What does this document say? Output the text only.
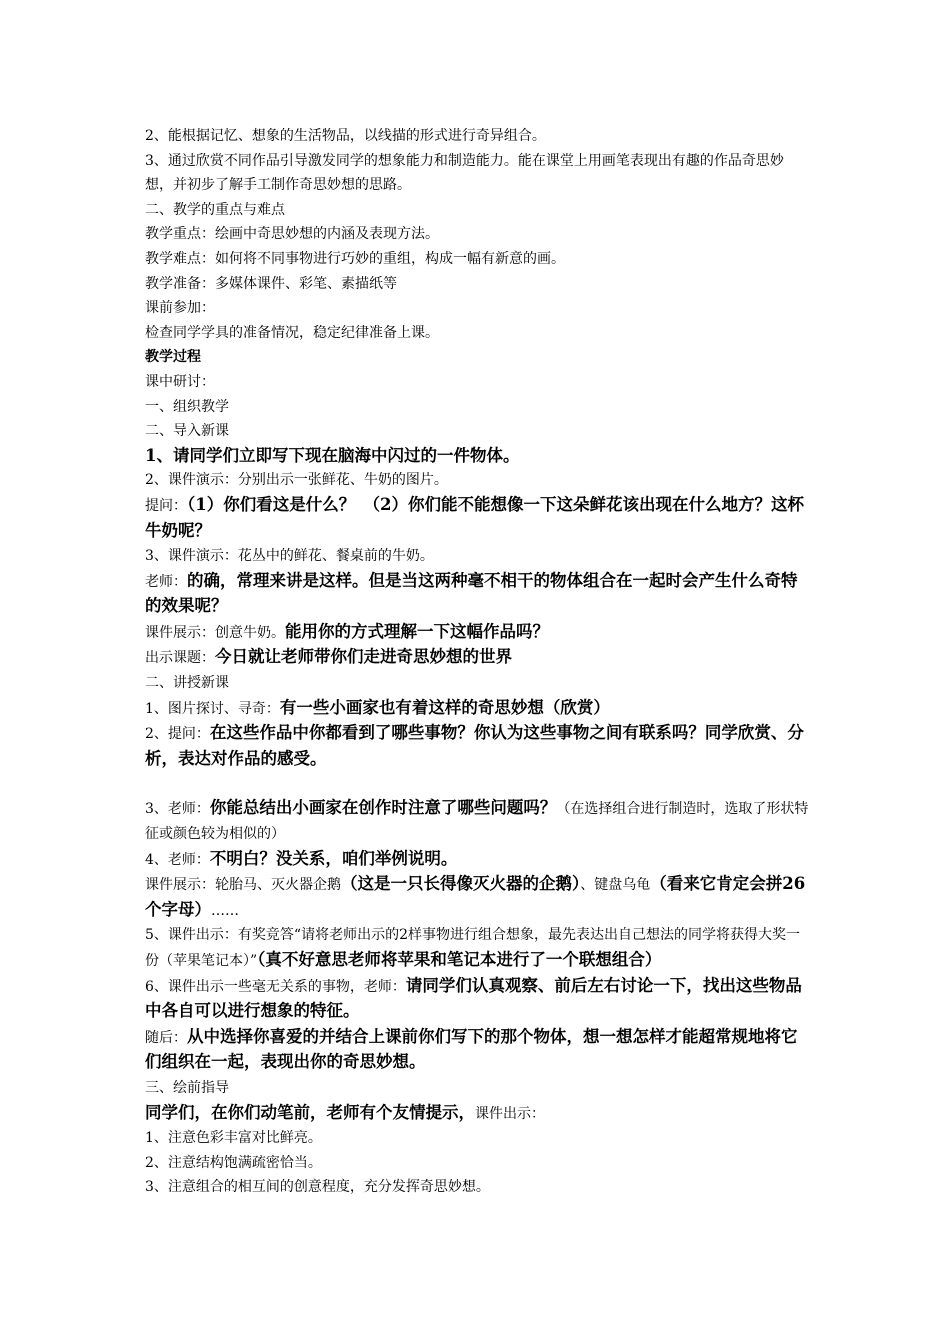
2、能根据记忆、想象的生活物品，以线描的形式进行奇异组合。

3、通过欣赏不同作品引导激发同学的想象能力和制造能力。能在课堂上用画笔表现出有趣的作品奇思妙想，并初步了解手工制作奇思妙想的思路。

二、教学的重点与难点

教学重点：绘画中奇思妙想的内涵及表现方法。

教学难点：如何将不同事物进行巧妙的重组，构成一幅有新意的画。

教学准备：多媒体课件、彩笔、素描纸等

课前参加：

检查同学学具的准备情况，稳定纪律准备上课。

教学过程

课中研讨：

一、组织教学

二、导入新课

1、请同学们立即写下现在脑海中闪过的一件物体。

2、课件演示：分别出示一张鲜花、牛奶的图片。

提问：（1）你们看这是什么？　（2）你们能不能想像一下这朵鲜花该出现在什么地方？这杯牛奶呢？

3、课件演示：花丛中的鲜花、餐桌前的牛奶。

老师：的确，常理来讲是这样。但是当这两种毫不相干的物体组合在一起时会产生什么奇特的效果呢？

课件展示：创意牛奶。能用你的方式理解一下这幅作品吗？

出示课题：今日就让老师带你们走进奇思妙想的世界

二、讲授新课

1、图片探讨、寻奇：有一些小画家也有着这样的奇思妙想（欣赏）

2、提问：在这些作品中你都看到了哪些事物？你认为这些事物之间有联系吗？同学欣赏、分析，表达对作品的感受。

3、老师：你能总结出小画家在创作时注意了哪些问题吗？（在选择组合进行制造时，选取了形状特征或颜色较为相似的）

4、老师：不明白？没关系，咱们举例说明。

课件展示：轮胎马、灭火器企鹅（这是一只长得像灭火器的企鹅）、键盘乌龟（看来它肯定会拼26个字母）……

5、课件出示：有奖竞答“请将老师出示的2样事物进行组合想象，最先表达出自己想法的同学将获得大奖一份（苹果笔记本）”（真不好意思老师将苹果和笔记本进行了一个联想组合）

6、课件出示一些毫无关系的事物，老师：请同学们认真观察、前后左右讨论一下，找出这些物品中各自可以进行想象的特征。

随后：从中选择你喜爱的并结合上课前你们写下的那个物体，想一想怎样才能超常规地将它们组织在一起，表现出你的奇思妙想。

三、绘前指导

同学们，在你们动笔前，老师有个友情提示，课件出示：

1、注意色彩丰富对比鲜亮。

2、注意结构饱满疏密恰当。

3、注意组合的相互间的创意程度，充分发挥奇思妙想。
